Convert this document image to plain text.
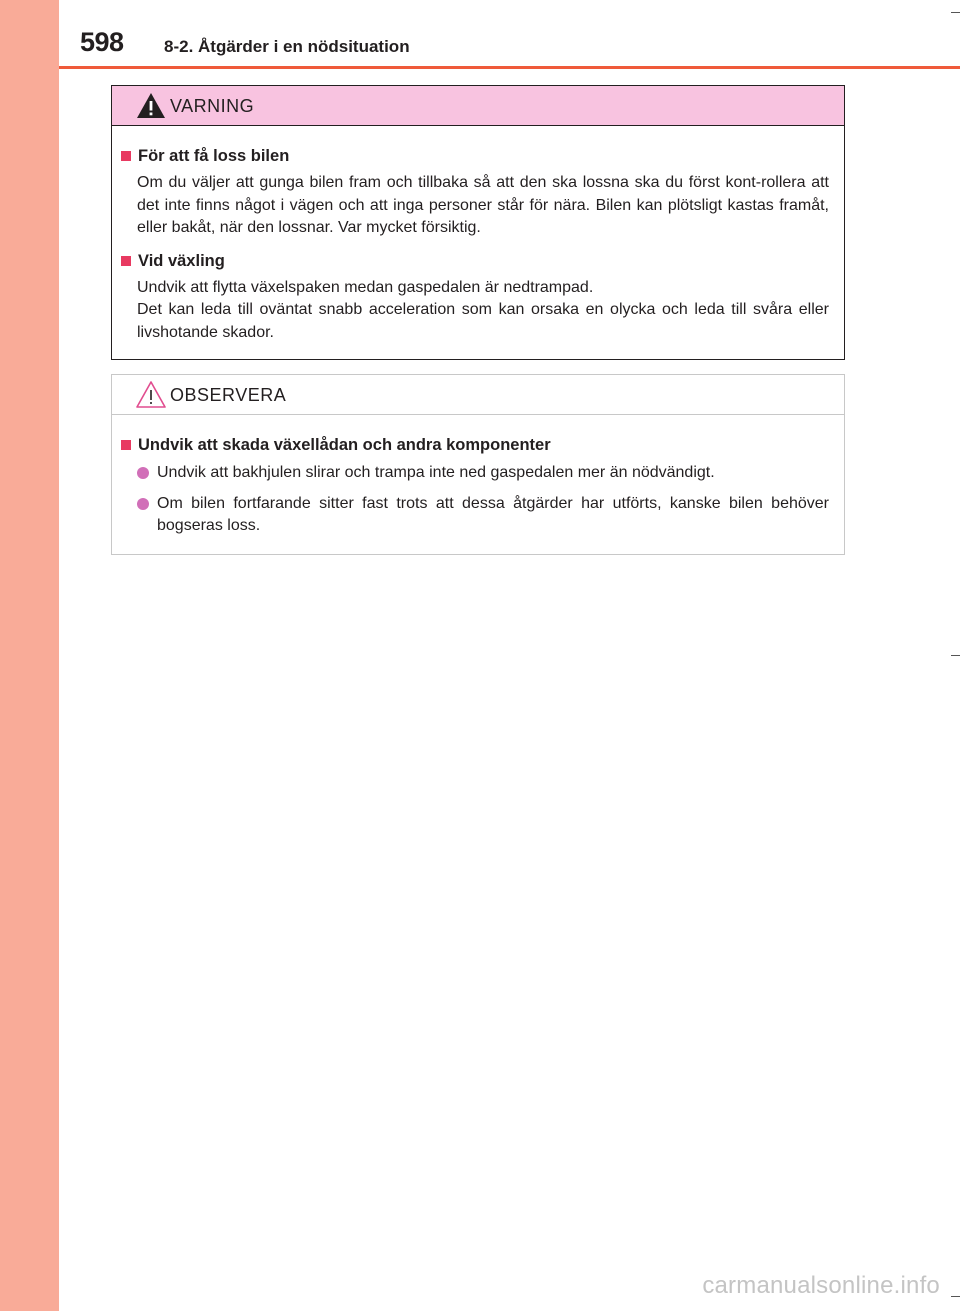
598 8-2. Åtgärder i en nödsituation
VARNING
För att få loss bilen
Om du väljer att gunga bilen fram och tillbaka så att den ska lossna ska du först kont-rollera att det inte finns något i vägen och att inga personer står för nära. Bilen kan plötsligt kastas framåt, eller bakåt, när den lossnar. Var mycket försiktig.
Vid växling
Undvik att flytta växelspaken medan gaspedalen är nedtrampad.
Det kan leda till oväntat snabb acceleration som kan orsaka en olycka och leda till svåra eller livshotande skador.
OBSERVERA
Undvik att skada växellådan och andra komponenter
Undvik att bakhjulen slirar och trampa inte ned gaspedalen mer än nödvändigt.
Om bilen fortfarande sitter fast trots att dessa åtgärder har utförts, kanske bilen behöver bogseras loss.
carmanualsonline.info
